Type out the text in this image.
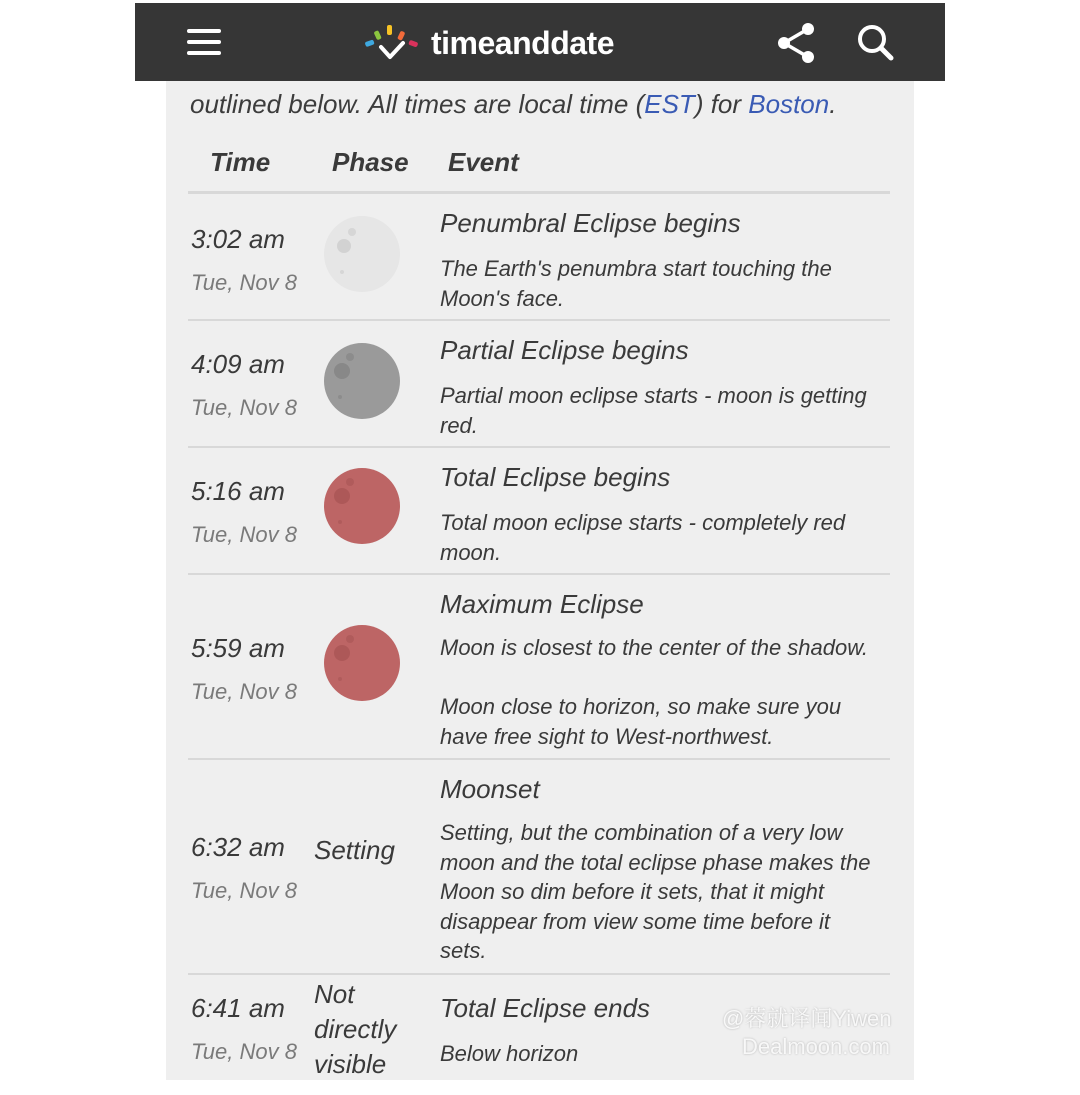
timeanddate
outlined below. All times are local time (EST) for Boston.
Time Phase Event
3:02 am
Tue, Nov 8
Penumbral Eclipse begins
The Earth's penumbra start touching the Moon's face.
4:09 am
Tue, Nov 8
Partial Eclipse begins
Partial moon eclipse starts - moon is getting red.
5:16 am
Tue, Nov 8
Total Eclipse begins
Total moon eclipse starts - completely red moon.
5:59 am
Tue, Nov 8
Maximum Eclipse
Moon is closest to the center of the shadow.
Moon close to horizon, so make sure you have free sight to West-northwest.
6:32 am
Tue, Nov 8
Setting
Moonset
Setting, but the combination of a very low moon and the total eclipse phase makes the Moon so dim before it sets, that it might disappear from view some time before it sets.
6:41 am
Tue, Nov 8
Not directly visible
Total Eclipse ends
Below horizon
@蓉就译闻Yiwen
Dealmoon.com
